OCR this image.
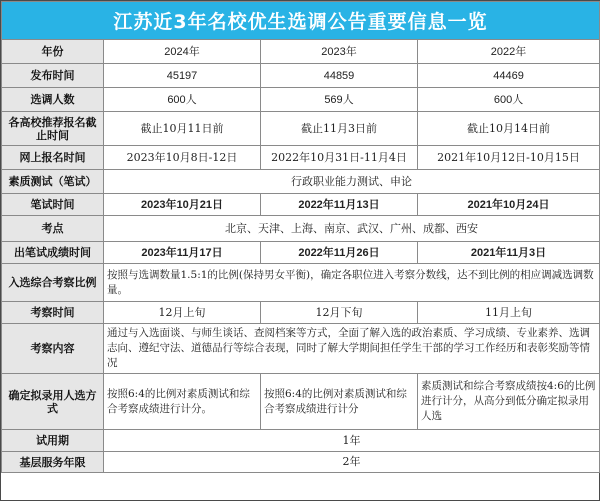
江苏近3年名校优生选调公告重要信息一览			
年份	2024年	2023年	2022年
发布时间	45197	44859	44469
选调人数	600人	569人	600人
各高校推荐报名截止时间	截止10月11日前	截止11月3日前	截止10月14日前
网上报名时间	2023年10月8日-12日	2022年10月31日-11月4日	2021年10月12日-10月15日
素质测试（笔试）	行政职业能力测试、申论		
笔试时间	2023年10月21日	2022年11月13日	2021年10月24日
考点	北京、天津、上海、南京、武汉、广州、成都、西安		
出笔试成绩时间	2023年11月17日	2022年11月26日	2021年11月3日
入选综合考察比例	按照与选调数量1.5:1的比例(保持男女平衡)，确定各职位进入考察分数线，达不到比例的相应调减选调数量。		
考察时间	12月上旬	12月下旬	11月上旬
考察内容	通过与入选面谈、与师生谈话、查阅档案等方式，全面了解入选的政治素质、学习成绩、专业素养、选调志向、遵纪守法、道德品行等综合表现，同时了解大学期间担任学生干部的学习工作经历和表彰奖励等情况		
确定拟录用人选方式	按照6:4的比例对素质测试和综合考察成绩进行计分。	按照6:4的比例对素质测试和综合考察成绩进行计分	素质测试和综合考察成绩按4:6的比例进行计分，从高分到低分确定拟录用人选
试用期	1年		
基层服务年限	2年		
